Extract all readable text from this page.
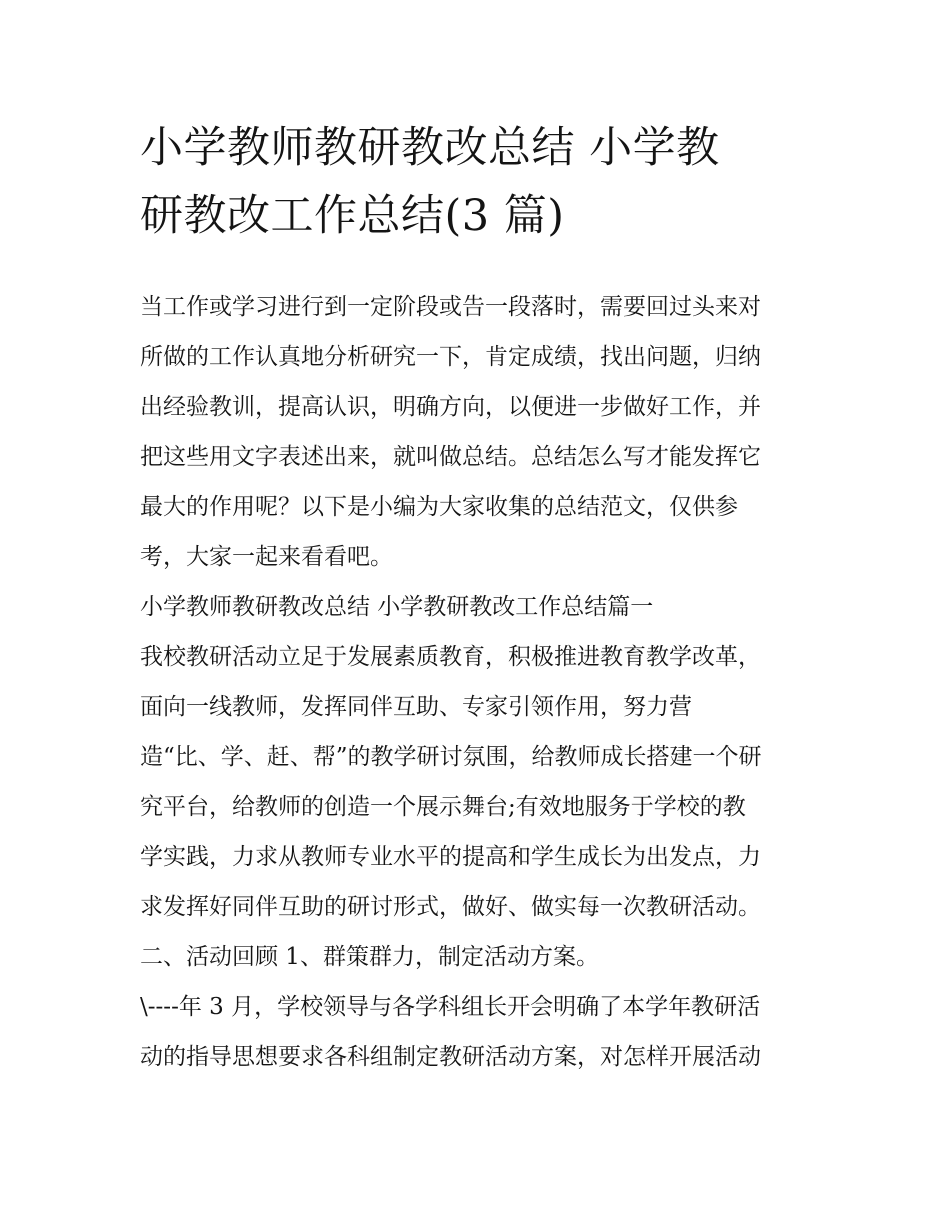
小学教师教研教改总结 小学教
研教改工作总结(3 篇)

当工作或学习进行到一定阶段或告一段落时，需要回过头来对
所做的工作认真地分析研究一下，肯定成绩，找出问题，归纳
出经验教训，提高认识，明确方向，以便进一步做好工作，并
把这些用文字表述出来，就叫做总结。总结怎么写才能发挥它
最大的作用呢？以下是小编为大家收集的总结范文，仅供参
考，大家一起来看看吧。

小学教师教研教改总结 小学教研教改工作总结篇一

我校教研活动立足于发展素质教育，积极推进教育教学改革，
面向一线教师，发挥同伴互助、专家引领作用，努力营
造“比、学、赶、帮”的教学研讨氛围，给教师成长搭建一个研
究平台，给教师的创造一个展示舞台;有效地服务于学校的教
学实践，力求从教师专业水平的提高和学生成长为出发点，力
求发挥好同伴互助的研讨形式，做好、做实每一次教研活动。

二、活动回顾 1、群策群力，制定活动方案。

\----年 3 月，学校领导与各学科组长开会明确了本学年教研活
动的指导思想要求各科组制定教研活动方案，对怎样开展活动
